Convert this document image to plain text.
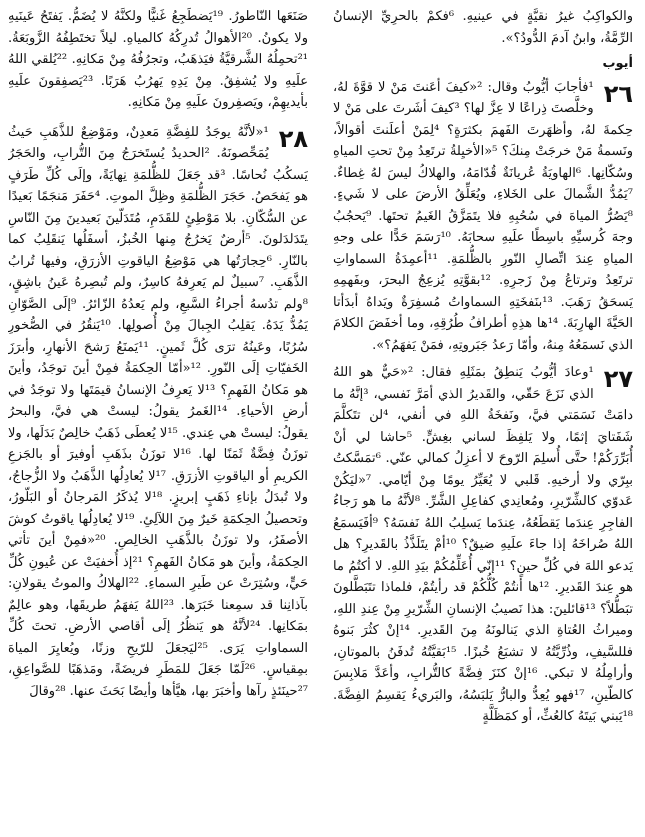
والكواكِبُ غيرُ نقيَّةٍ في عينيهِ. ⁶فكمْ بالحرِيِّ الإنسانُ الرِّمَّةُ، وابنُ آدمَ الدُّودُ؟».

أيوب

٢٦
¹فأجابَ أيُّوبُ وقال: ²«كيفَ أعَنتَ مَنْ لا قوَّةَ لهُ، وخلَّصتَ ذِراعًا لا عِزَّ لها؟ ³كيفَ أشَرتَ على مَنْ لا حِكمةَ لهُ، وأظهَرتَ الفَهمَ بكثرَةٍ؟ ⁴لِمَنْ أعلَنتَ أقوالاً، ونَسمةُ مَنْ خرجَتْ مِنكَ؟ ⁵«الأخيِلةُ ترتَعِدُ مِنْ تحتِ المياهِ وسُكّانِها. ⁶الهاويَةُ عُريانَةٌ قُدّامَهُ، والهلاكُ ليسَ لهُ غِطاءٌ. ⁷يَمُدُّ الشَّمالَ على الخَلاءِ، ويُعَلِّقُ الأرضَ على لا شَيءٍ. ⁸يَصُرُّ المياهَ في سُحُبِهِ فلا يتَمَزَّقُ الغَيمُ تحتَها. ⁹يَحجُبُ وجهَ كُرسيِّهِ باسِطًا علَيهِ سحابَهُ. ¹⁰رَسَمَ حَدًّا على وجهِ المياهِ عِندَ اتِّصالِ النّورِ بالظُّلمَةِ. ¹¹أعمِدَةُ السماواتِ ترتَعِدُ وترتاعُ مِنْ زَجرِهِ. ¹²بقوَّتِهِ يُزعِجُ البحرَ، وبفَهمِهِ يَسحَقُ رَهَبَ. ¹³بنَفخَتِهِ السماواتُ مُسفِرَةٌ ويَداهُ أبدَأتا الحَيَّةَ الهارِبَةَ. ¹⁴ها هذِهِ أطرافُ طُرُقِهِ، وما أخفَضَ الكلامَ الذي نَسمَعُهُ مِنهُ، وأمّا رَعدُ جَبَروتِهِ، فمَنْ يَفهَمُ؟».

٢٧
¹وعادَ أيُّوبُ يَنطِقُ بمَثَلِهِ فقال: ²«حَيٌّ هو اللهُ الذي نَزَعَ حَقّي، والقَديرُ الذي أمَرَّ نَفسي، ³إنَّهُ ما دامَتْ نَسَمَتي فيَّ، ونَفخَةُ اللهِ في أنفي، ⁴لن تتَكلَّمَ شَفَتايَ إثمًا، ولا يَلفِظَ لساني بغِشٍّ. ⁵حاشا لي أنْ أُبَرِّرَكُمْ! حتَّى أُسلِمَ الرّوحَ لا أعزِلُ كمالي عنّي. ⁶تمَسَّكتُ ببِرّي ولا أرخيهِ. قَلبي لا يُعَيِّرُ يومًا مِنْ أيّامي. ⁷«ليَكُنْ عَدوّي كالشِّرّيرِ، ومُعانِدي كفاعِلِ الشَّرِّ. ⁸لأنَّهُ ما هو رَجاءُ الفاجِرِ عِندَما يَقطَعُهُ، عِندَما يَسلِبُ اللهُ نَفسَهُ؟ ⁹أفَيَسمَعُ اللهُ صُراخَهُ إذا جاءَ علَيهِ ضيقٌ؟ ¹⁰أمْ يتَلَذَّذُ بالقَديرِ؟ هل يَدعو اللهَ في كُلِّ حينٍ؟ ¹¹إنّي أُعَلِّمُكُمْ بيَدِ اللهِ. لا أكتُمُ ما هو عِندَ القَديرِ. ¹²ها أنتُمْ كُلُّكُمْ قد رأيتُمْ، فلماذا تتَبَطَّلونَ تبَطُّلاً؟ ¹³قائلينَ: هذا نَصيبُ الإنسانِ الشِّرّيرِ مِنْ عِندِ اللهِ، وميراثُ العُتاةِ الذي يَنالونَهُ مِنَ القَديرِ. ¹⁴إنْ كثُرَ بَنوهُ فللسَّيفِ، وذُرِّيَّتُهُ لا تشبَعُ خُبزًا. ¹⁵بَقيَّتُهُ تُدفَنُ بالموتانِ، وأرامِلُهُ لا تبكي. ¹⁶إنْ كنَزَ فِضَّةً كالتُّرابِ، وأعَدَّ مَلابِسَ كالطّينِ، ¹⁷فهو يُعِدُّ والبارُّ يَلبَسُهُ، والبَريءُ يَقسِمُ الفِضَّةَ. ¹⁸يَبني بَيتَهُ كالعُثِّ، أو كمَظَلَّةٍ

صَنَعَها النّاطورُ. ¹⁹يَضطَجِعُ غَنيًّا ولكنَّهُ لا يُضَمُّ. يَفتَحُ عَينَيهِ ولا يكونُ. ²⁰الأهوالُ تُدرِكُهُ كالمياهِ. ليلاً تختَطِفُهُ الزَّوبَعَةُ. ²¹تحمِلُهُ الشَّرقيَّةُ فيَذهَبُ، وتجرُفُهُ مِنْ مَكانِهِ. ²²يُلقي اللهُ علَيهِ ولا يُشفِقُ. مِنْ يَدِهِ يَهرُبُ هَرَبًا. ²³يَصفِقونَ علَيهِ بأيديهِمْ، ويَصفِرونَ علَيهِ مِنْ مَكانِهِ.

٢٨
¹«لأنَّهُ يوجَدُ للفِضَّةِ مَعدِنٌ، ومَوْضِعٌ للذَّهَبِ حَيثُ يُمَحِّصونَهُ. ²الحديدُ يُستَخرَجُ مِنَ التُّرابِ، والحَجَرُ يَسكُبُ نُحاسًا. ³قد جَعَلَ للظُّلمَةِ نِهايَةً، وإلَى كُلِّ طَرَفٍ هو يَفحَصُ. حَجَرَ الظُّلمَةِ وظِلَّ الموتِ. ⁴حَفَرَ مَنجَمًا بَعيدًا عن السُّكّانِ. بلا مَوْطِئٍ للقَدَمِ، مُتَدَلّينَ بَعيدينَ مِنَ النّاسِ يتَدَلدَلونَ. ⁵أرضٌ يَخرُجُ مِنها الخُبزُ، أسفَلُها يَنقَلِبُ كما بالنّارِ. ⁶حِجارَتُها هي مَوْضِعُ الياقوتِ الأزرَقِ، وفيها تُرابُ الذَّهَبِ. ⁷سبيلٌ لم يَعرِفهُ كاسِرٌ، ولم تُبصِرهُ عَينُ باشِقٍ، ⁸ولم تدُسهُ أجراءُ السَّبعِ، ولم يَعدُهُ الزّائرُ. ⁹إلَى الصَّوّانِ يَمُدُّ يَدَهُ. يَقلِبُ الجِبالَ مِنْ أُصولِها. ¹⁰يَنقُرُ في الصُّخورِ سُرُبًا، وعَينُهُ ترَى كُلَّ ثَمينٍ. ¹¹يَمنَعُ رَشحَ الأنهارِ، وأبرَزَ الخَفيّاتِ إلَى النّورِ. ¹²«أمّا الحِكمَةُ فمِنْ أينَ توجَدُ، وأينَ هو مَكانُ الفَهمِ؟ ¹³لا يَعرِفُ الإنسانُ قيمَتَها ولا توجَدُ في أرضِ الأحياءِ. ¹⁴الغَمرُ يقولُ: ليستْ هي فيَّ، والبحرُ يقولُ: ليستْ هي عِندي. ¹⁵لا يُعطَى ذَهَبٌ خالِصٌ بَدَلَها، ولا توزَنُ فِضَّةٌ ثَمَنًا لها. ¹⁶لا توزَنُ بذَهَبِ أوفيرَ أو بالجَزعِ الكريمِ أو الياقوتِ الأزرَقِ. ¹⁷لا يُعادِلُها الذَّهَبُ ولا الزُّجاجُ، ولا تُبدَلُ بإناءِ ذَهَبٍ إبريزٍ. ¹⁸لا يُذكَرُ المَرجانُ أو البَلّورُ، وتحصيلُ الحِكمَةِ خَيرٌ مِنَ اللآلِئِ. ¹⁹لا يُعادِلُها ياقوتُ كوشَ الأصفَرُ، ولا توزَنُ بالذَّهَبِ الخالِصِ. ²⁰«فمِنْ أينَ تأتي الحِكمَةُ، وأينَ هو مَكانُ الفَهمِ؟ ²¹إذ أُخفيَتْ عن عُيونِ كُلِّ حَيٍّ، وسُتِرَتْ عن طَيرِ السماءِ. ²²الهلاكُ والموتُ يقولانِ: بآذانِنا قد سمِعنا خَبَرَها. ²³اللهُ يَفهَمُ طريقَها، وهو عالِمٌ بمَكانِها. ²⁴لأنَّهُ هو يَنظُرُ إلَى أقاصي الأرضِ. تحتَ كُلِّ السماواتِ يَرَى. ²⁵ليَجعَلَ للرّيحِ وزنًا، ويُعايِرَ المياهَ بمِقياسٍ. ²⁶لَمّا جَعَلَ للمَطَرِ فريضَةً، ومَذهَبًا للصَّواعِقِ، ²⁷حينَئذٍ رآها وأخبَرَ بها، هيَّأها وأيضًا بَحَثَ عنها. ²⁸وقالَ
